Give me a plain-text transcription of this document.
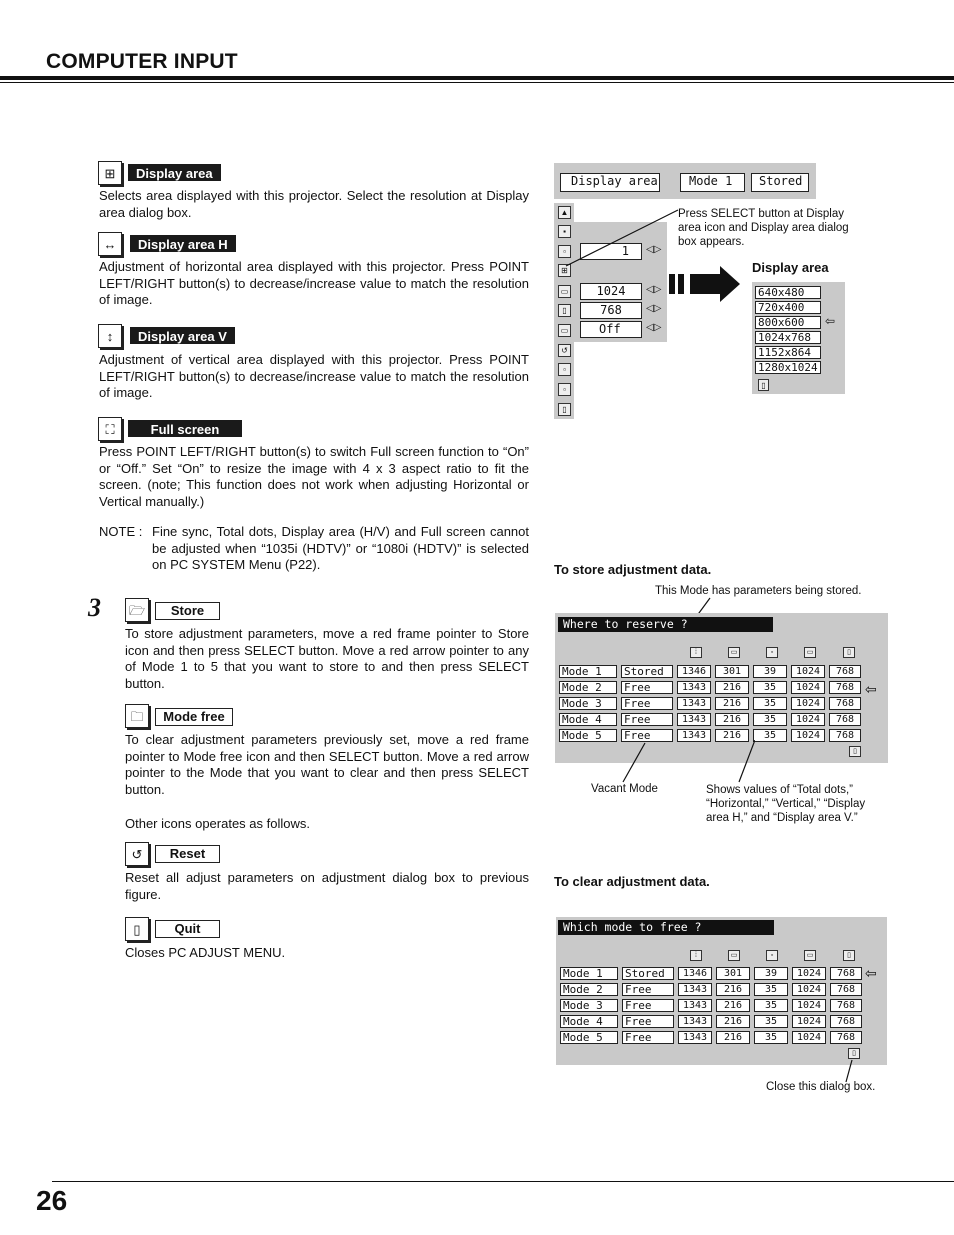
COMPUTER INPUT
⊞	Display area
Selects area displayed with this projector. Select the resolution at Display area dialog box.
↔	Display area H
Adjustment of horizontal area displayed with this projector. Press POINT LEFT/RIGHT button(s) to decrease/increase value to match the resolution of image.
↕	Display area V
Adjustment of vertical area displayed with this projector. Press POINT LEFT/RIGHT button(s) to decrease/increase value to match the resolution of image.
⛶	Full screen
Press POINT LEFT/RIGHT button(s) to switch Full screen function to “On” or “Off.” Set “On” to resize the image with 4 x 3 aspect ratio to fit the screen. (note; This function does not work when adjusting Horizontal or Vertical manually.)
NOTE : Fine sync, Total dots, Display area (H/V) and Full screen cannot be adjusted when “1035i (HDTV)” or “1080i (HDTV)” is selected on PC SYSTEM Menu (P22).
3	🗁	Store
To store adjustment parameters, move a red frame pointer to Store icon and then press SELECT button. Move a red arrow pointer to any of Mode 1 to 5 that you want to store to and then press SELECT button.
🗀	Mode free
To clear adjustment parameters previously set, move a red frame pointer to Mode free icon and then SELECT button. Move a red arrow pointer to the Mode that you want to clear and then press SELECT button.
Other icons operates as follows.
↺	Reset
Reset all adjust parameters on adjustment dialog box to previous figure.
▯	Quit
Closes PC ADJUST MENU.
Display area	Mode 1	Stored
▲
▪
▫
⊞
▭
▯
▭
↺
▫
▫
▯
1	◁▷
1024	◁▷
768	◁▷
Off	◁▷
Press SELECT button at Display area icon and Display area dialog box appears.
Display area
640x480
720x400
800x600	⇦
1024x768
1152x864
1280x1024
▯
To store adjustment data.
This Mode has parameters being stored.
Where to reserve ?
⁞	▭	▫	▭	▯
Mode 1	Stored	1346	301	39	1024	768
Mode 2	Free	1343	216	35	1024	768
Mode 3	Free	1343	216	35	1024	768
Mode 4	Free	1343	216	35	1024	768
Mode 5	Free	1343	216	35	1024	768
⇦
▯
Vacant Mode	Shows values of “Total dots,” “Horizontal,” “Vertical,” “Display area H,” and “Display area V.”
To clear adjustment data.
Which mode to free ?
⁞	▭	▫	▭	▯
Mode 1	Stored	1346	301	39	1024	768
Mode 2	Free	1343	216	35	1024	768
Mode 3	Free	1343	216	35	1024	768
Mode 4	Free	1343	216	35	1024	768
Mode 5	Free	1343	216	35	1024	768
⇦
▯
Close this dialog box.
26
